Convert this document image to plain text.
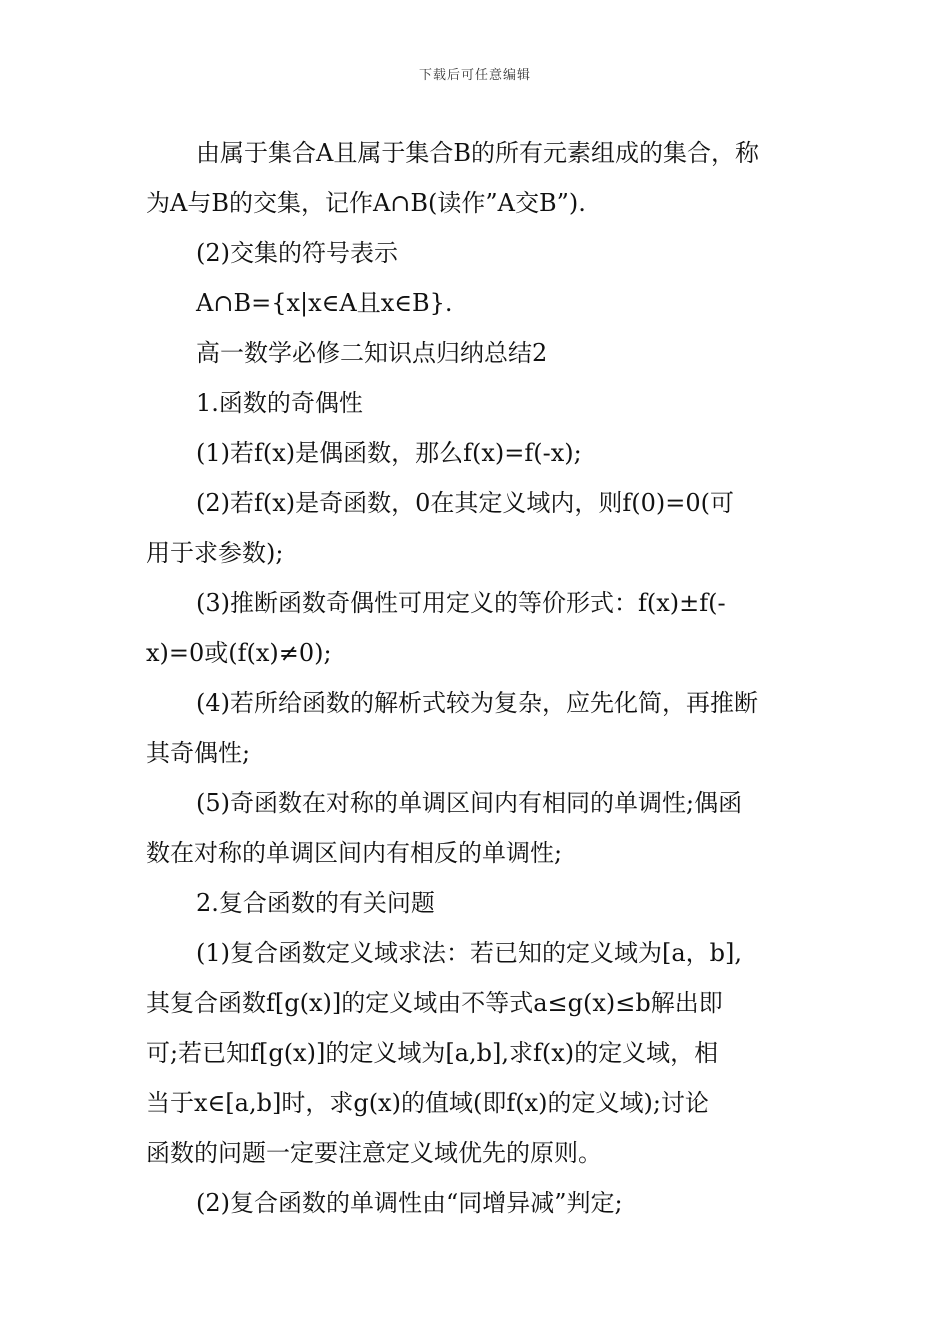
下载后可任意编辑
由属于集合A且属于集合B的所有元素组成的集合，称
为A与B的交集，记作A∩B(读作”A交B”).
(2)交集的符号表示
A∩B={x|x∈A且x∈B}.
高一数学必修二知识点归纳总结2
1.函数的奇偶性
(1)若f(x)是偶函数，那么f(x)=f(-x);
(2)若f(x)是奇函数，0在其定义域内，则f(0)=0(可
用于求参数);
(3)推断函数奇偶性可用定义的等价形式：f(x)±f(-
x)=0或(f(x)≠0);
(4)若所给函数的解析式较为复杂，应先化简，再推断
其奇偶性;
(5)奇函数在对称的单调区间内有相同的单调性;偶函
数在对称的单调区间内有相反的单调性;
2.复合函数的有关问题
(1)复合函数定义域求法：若已知的定义域为[a，b],
其复合函数f[g(x)]的定义域由不等式a≤g(x)≤b解出即
可;若已知f[g(x)]的定义域为[a,b],求f(x)的定义域，相
当于x∈[a,b]时，求g(x)的值域(即f(x)的定义域);讨论
函数的问题一定要注意定义域优先的原则。
(2)复合函数的单调性由“同增异减”判定;
